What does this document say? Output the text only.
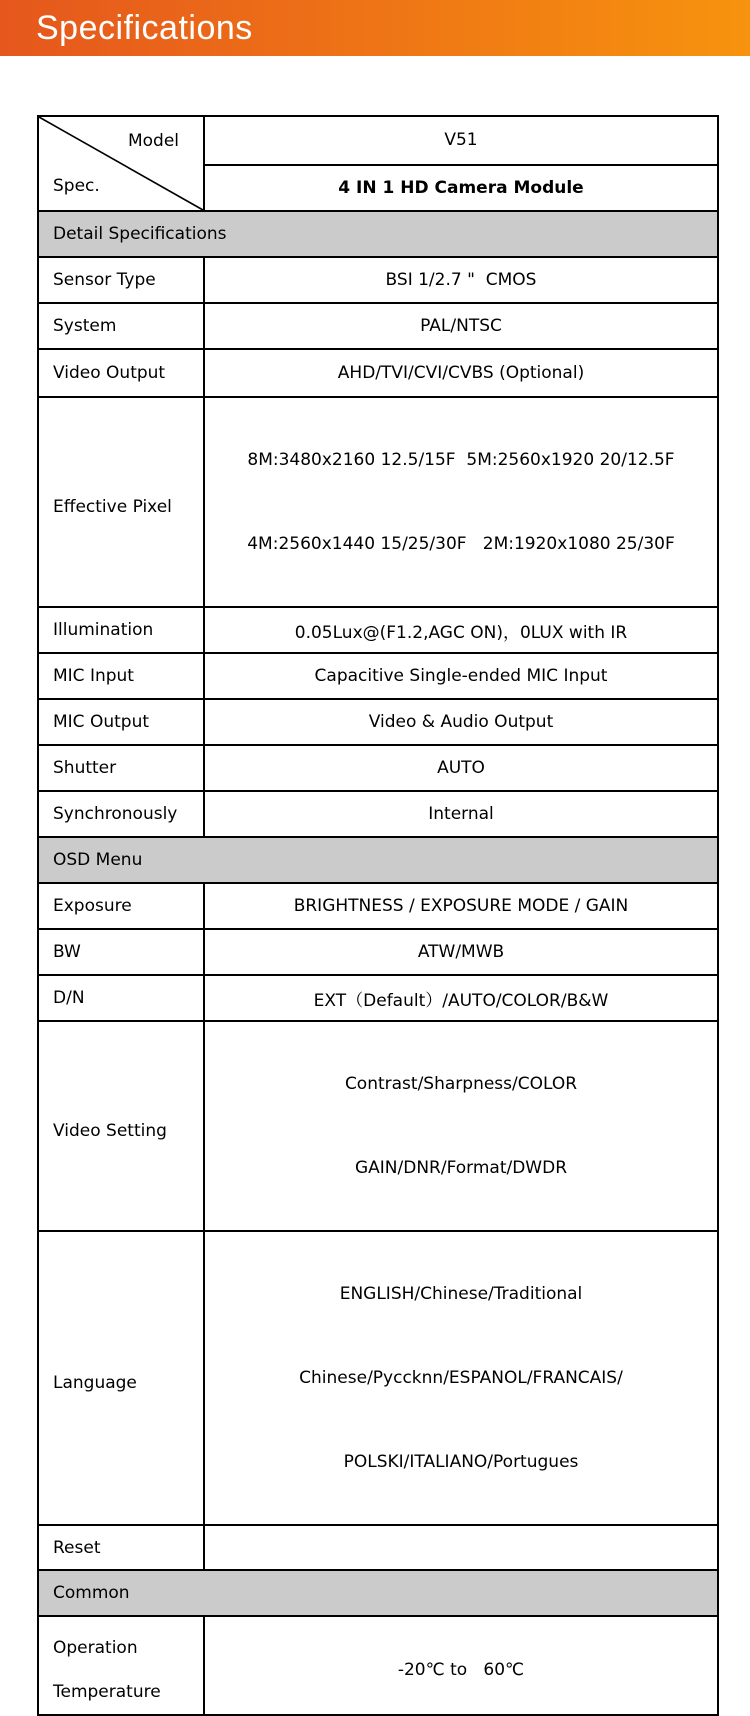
Specifications
Model
Spec.	V51
	4 IN 1 HD Camera Module
Detail Specifications	
Sensor Type	BSI 1/2.7 "  CMOS
System	PAL/NTSC
Video Output	AHD/TVI/CVI/CVBS (Optional)
Effective Pixel	8M:3480x2160 12.5/15F  5M:2560x1920 20/12.5F

4M:2560x1440 15/25/30F   2M:1920x1080 25/30F

Illumination	0.05Lux@(F1.2,AGC ON)，0LUX with IR
MIC Input	Capacitive Single-ended MIC Input
MIC Output	Video & Audio Output
Shutter	AUTO
Synchronously	Internal
OSD Menu	
Exposure	BRIGHTNESS / EXPOSURE MODE / GAIN
BW	ATW/MWB
D/N	EXT（Default）/AUTO/COLOR/B&W
Video Setting	Contrast/Sharpness/COLOR

GAIN/DNR/Format/DWDR

Language	ENGLISH/Chinese/Traditional

Chinese/Pyccknn/ESPANOL/FRANCAIS/

POLSKI/ITALIANO/Portugues

Reset	
Common	

Operation
Temperature	-20℃ to   60℃
